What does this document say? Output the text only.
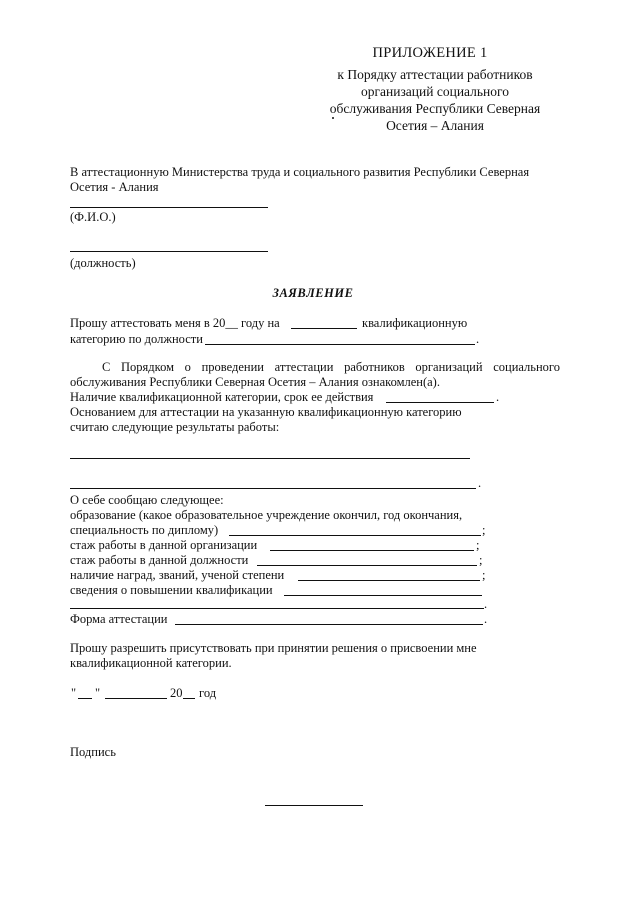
ПРИЛОЖЕНИЕ 1
к Порядку аттестации работников
организаций социального
обслуживания Республики Северная
Осетия – Алания
В аттестационную Министерства труда и социального развития Республики Северная
Осетия - Алания
(Ф.И.О.)
(должность)
ЗАЯВЛЕНИЕ
Прошу аттестовать меня в 20__ году на	квалификационную
категорию по должности	.
С Порядком о проведении аттестации работников организаций социального
обслуживания Республики Северная Осетия – Алания ознакомлен(а).
Наличие квалификационной категории, срок ее действия	.
Основанием для аттестации на указанную квалификационную категорию
считаю следующие результаты работы:
.
О себе сообщаю следующее:
образование (какое образовательное учреждение окончил, год окончания,
специальность по диплому)	;
стаж работы в данной организации	;
стаж работы в данной должности	;
наличие наград, званий, ученой степени	;
сведения о повышении квалификации
.
Форма аттестации	.
Прошу разрешить присутствовать при принятии решения о присвоении мне
квалификационной категории.
" "	20 год
Подпись
